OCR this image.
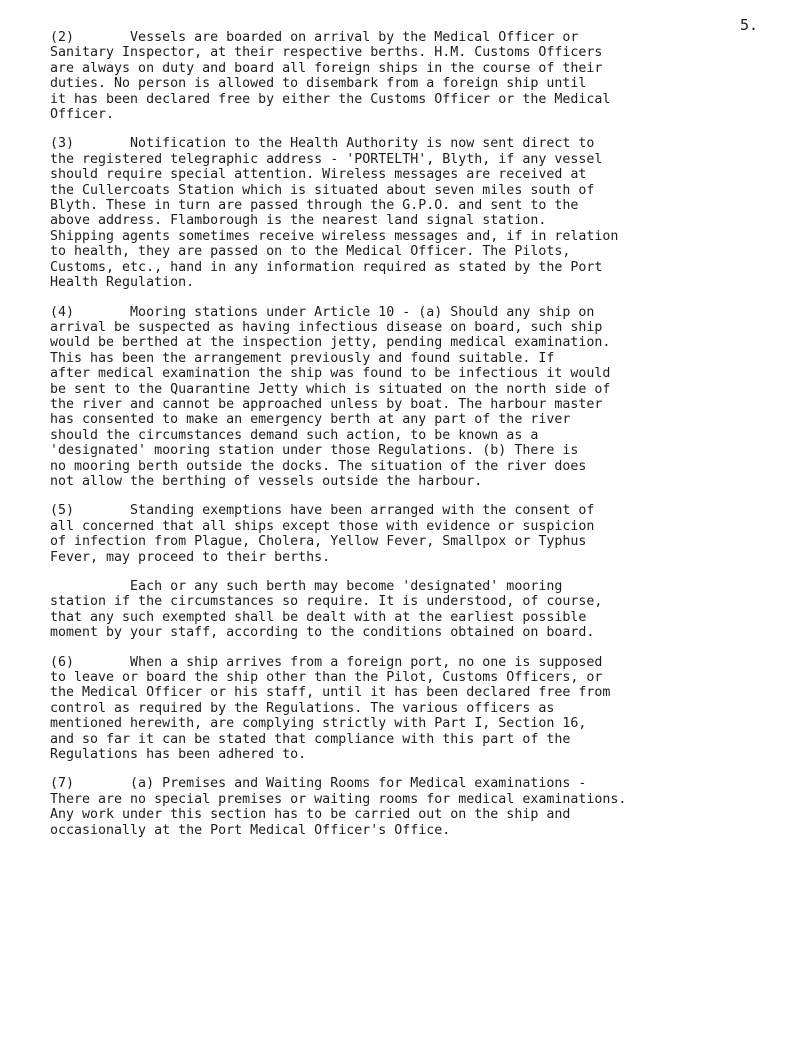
5.
(2)       Vessels are boarded on arrival by the Medical Officer or
Sanitary Inspector, at their respective berths. H.M. Customs Officers
are always on duty and board all foreign ships in the course of their
duties. No person is allowed to disembark from a foreign ship until
it has been declared free by either the Customs Officer or the Medical
Officer.
(3)       Notification to the Health Authority is now sent direct to
the registered telegraphic address - 'PORTELTH', Blyth, if any vessel
should require special attention. Wireless messages are received at
the Cullercoats Station which is situated about seven miles south of
Blyth. These in turn are passed through the G.P.O. and sent to the
above address. Flamborough is the nearest land signal station.
Shipping agents sometimes receive wireless messages and, if in relation
to health, they are passed on to the Medical Officer. The Pilots,
Customs, etc., hand in any information required as stated by the Port
Health Regulation.
(4)       Mooring stations under Article 10 - (a) Should any ship on
arrival be suspected as having infectious disease on board, such ship
would be berthed at the inspection jetty, pending medical examination.
This has been the arrangement previously and found suitable. If
after medical examination the ship was found to be infectious it would
be sent to the Quarantine Jetty which is situated on the north side of
the river and cannot be approached unless by boat. The harbour master
has consented to make an emergency berth at any part of the river
should the circumstances demand such action, to be known as a
'designated' mooring station under those Regulations. (b) There is
no mooring berth outside the docks. The situation of the river does
not allow the berthing of vessels outside the harbour.
(5)       Standing exemptions have been arranged with the consent of
all concerned that all ships except those with evidence or suspicion
of infection from Plague, Cholera, Yellow Fever, Smallpox or Typhus
Fever, may proceed to their berths.
Each or any such berth may become 'designated' mooring
station if the circumstances so require. It is understood, of course,
that any such exempted shall be dealt with at the earliest possible
moment by your staff, according to the conditions obtained on board.
(6)       When a ship arrives from a foreign port, no one is supposed
to leave or board the ship other than the Pilot, Customs Officers, or
the Medical Officer or his staff, until it has been declared free from
control as required by the Regulations. The various officers as
mentioned herewith, are complying strictly with Part I, Section 16,
and so far it can be stated that compliance with this part of the
Regulations has been adhered to.
(7)       (a) Premises and Waiting Rooms for Medical examinations -
There are no special premises or waiting rooms for medical examinations.
Any work under this section has to be carried out on the ship and
occasionally at the Port Medical Officer's Office.
